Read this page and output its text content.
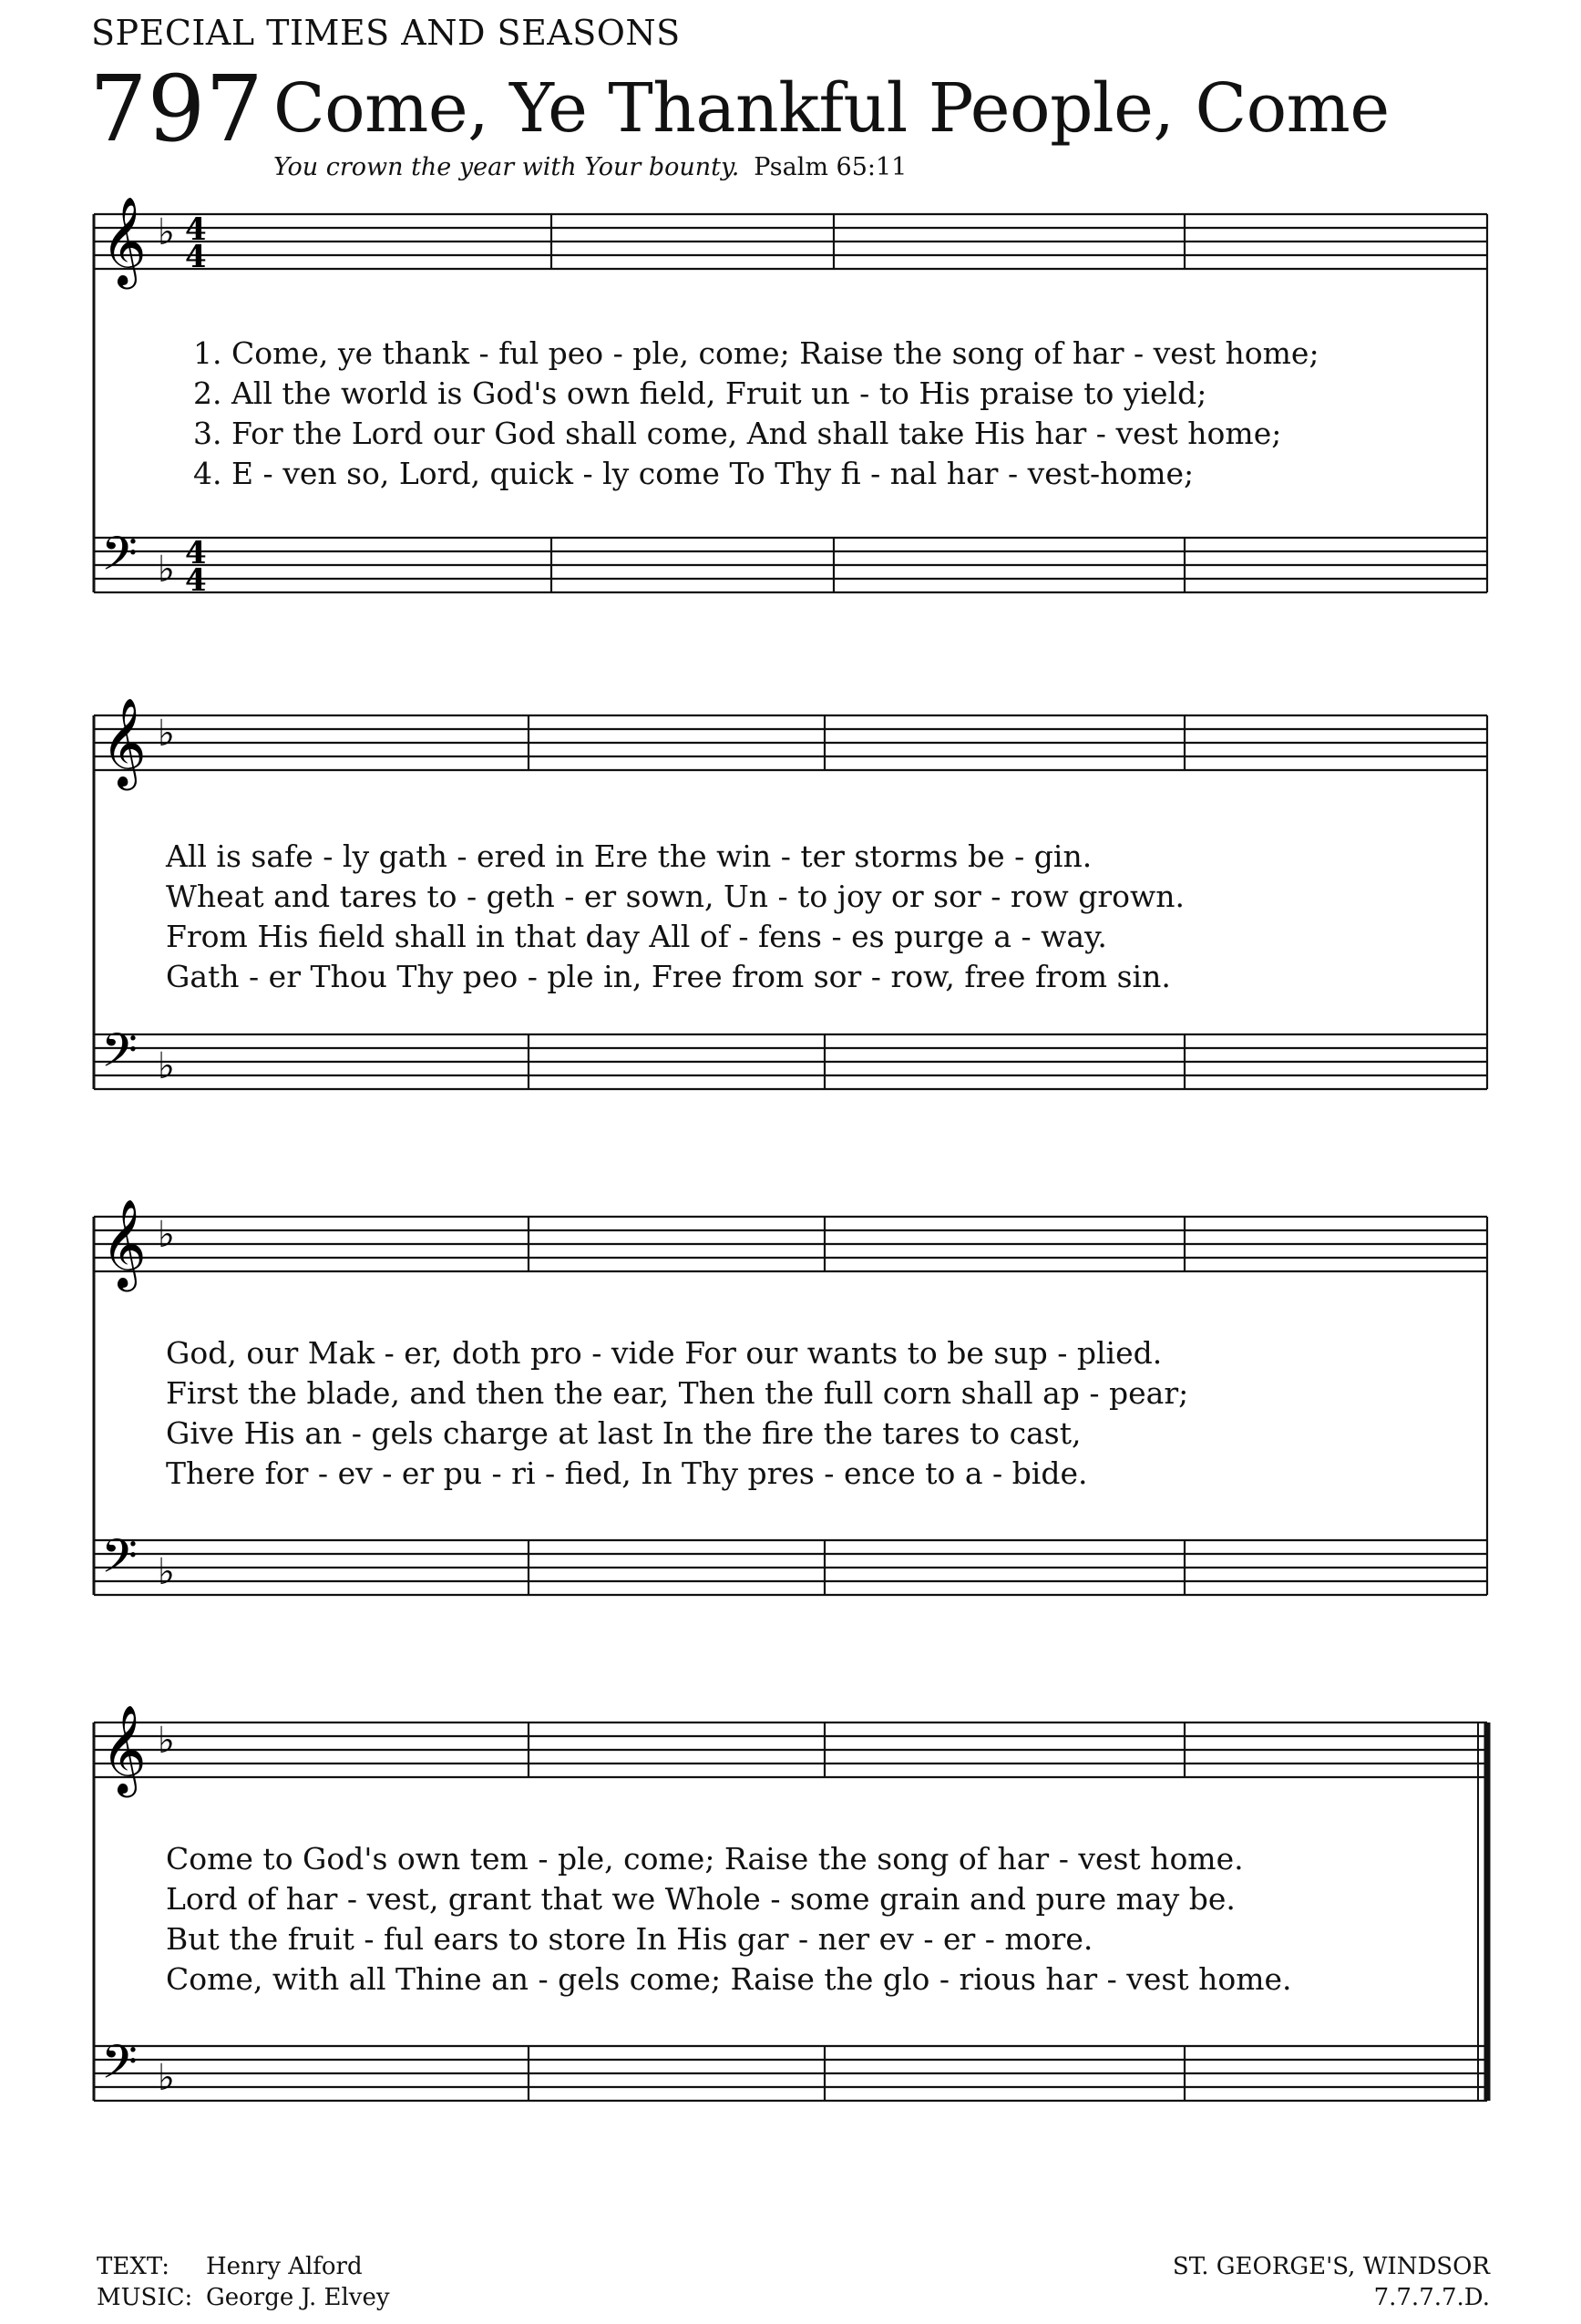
SPECIAL TIMES AND SEASONS
797 Come, Ye Thankful People, Come
You crown the year with Your bounty. Psalm 65:11
𝄞 ♭ 4
4
𝄢 ♭ 4
4
𝄞 ♭
𝄢 ♭
𝄞 ♭
𝄢 ♭
𝄞 ♭
𝄢 ♭
1. Come, ye thank - ful peo - ple, come; Raise the song of har - vest home;
2. All the world is God's own field, Fruit un - to His praise to yield;
3. For the Lord our God shall come, And shall take His har - vest home;
4. E - ven so, Lord, quick - ly come To Thy fi - nal har - vest-home;
All is safe - ly gath - ered in Ere the win - ter storms be - gin.
Wheat and tares to - geth - er sown, Un - to joy or sor - row grown.
From His field shall in that day All of - fens - es purge a - way.
Gath - er Thou Thy peo - ple in, Free from sor - row, free from sin.
God, our Mak - er, doth pro - vide For our wants to be sup - plied.
First the blade, and then the ear, Then the full corn shall ap - pear;
Give His an - gels charge at last In the fire the tares to cast,
There for - ev - er pu - ri - fied, In Thy pres - ence to a - bide.
Come to God's own tem - ple, come; Raise the song of har - vest home.
Lord of har - vest, grant that we Whole - some grain and pure may be.
But the fruit - ful ears to store In His gar - ner ev - er - more.
Come, with all Thine an - gels come; Raise the glo - rious har - vest home.
TEXT: Henry Alford
MUSIC: George J. Elvey
ST. GEORGE'S, WINDSOR
7.7.7.7.D.
